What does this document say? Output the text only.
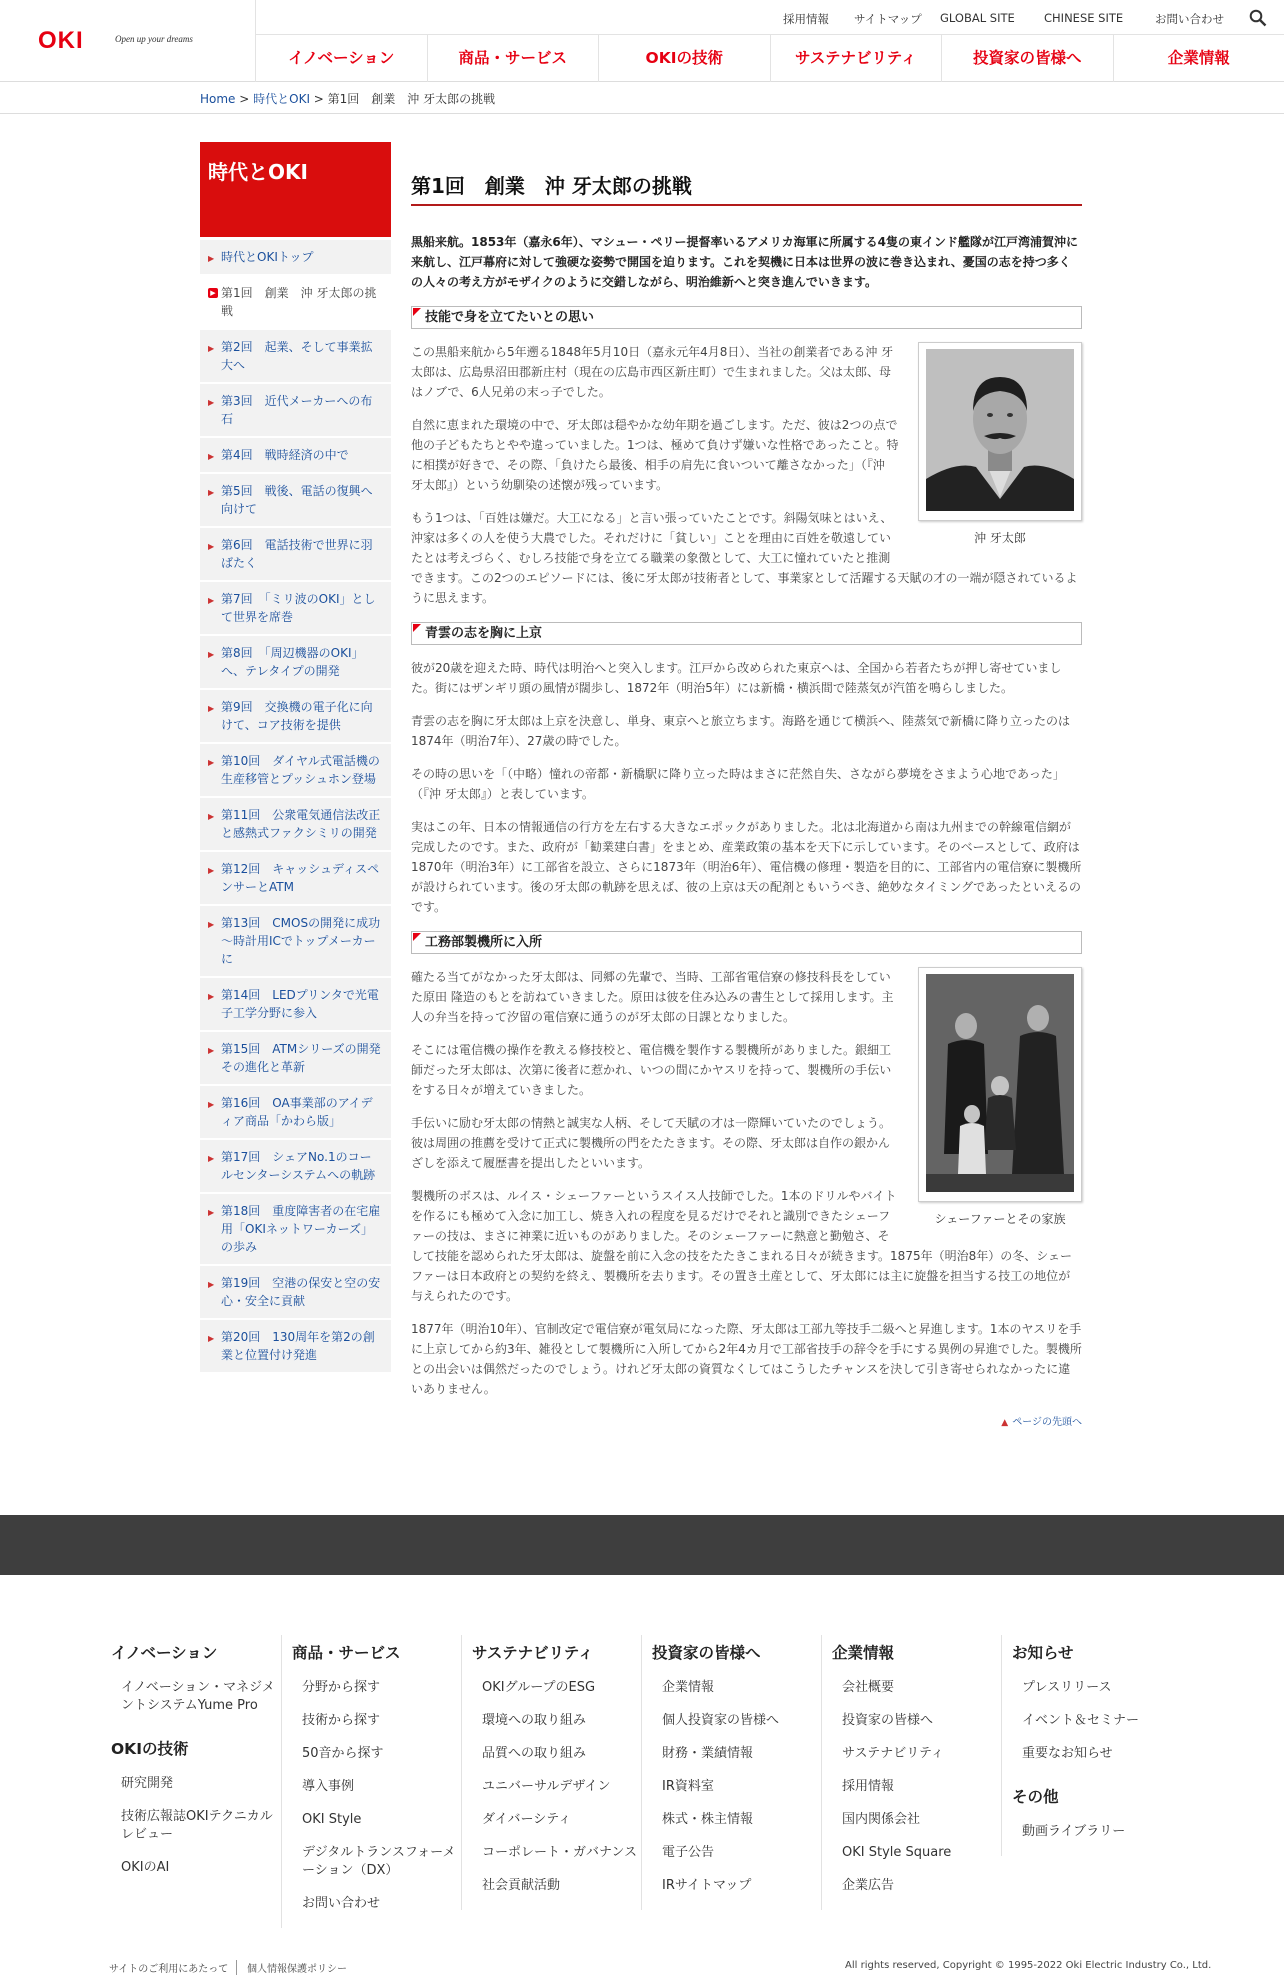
OKI	Open up your dreams
採用情報 サイトマップ GLOBAL SITE	CHINESE SITE	お問い合わせ
イノベーション	商品・サービス	OKIの技術	サステナビリティ	投資家の皆様へ	企業情報
Home > 時代とOKI > 第1回　創業　沖 牙太郎の挑戦
時代とOKI
▶ 時代とOKIトップ
▶ 第1回　創業　沖 牙太郎の挑戦
▶ 第2回　起業、そして事業拡大へ
▶ 第3回　近代メーカーへの布石
▶ 第4回　戦時経済の中で
▶ 第5回　戦後、電話の復興へ向けて
▶ 第6回　電話技術で世界に羽ばたく
▶ 第7回　「ミリ波のOKI」として世界を席巻
▶ 第8回　「周辺機器のOKI」へ、テレタイプの開発
▶ 第9回　交換機の電子化に向けて、コア技術を提供
▶ 第10回　ダイヤル式電話機の生産移管とプッシュホン登場
▶ 第11回　公衆電気通信法改正と感熱式ファクシミリの開発
▶ 第12回　キャッシュディスペンサーとATM
▶ 第13回　CMOSの開発に成功～時計用ICでトップメーカーに
▶ 第14回　LEDプリンタで光電子工学分野に参入
▶ 第15回　ATMシリーズの開発その進化と革新
▶ 第16回　OA事業部のアイディア商品「かわら版」
▶ 第17回　シェアNo.1のコールセンターシステムへの軌跡
▶ 第18回　重度障害者の在宅雇用「OKIネットワーカーズ」の歩み
▶ 第19回　空港の保安と空の安心・安全に貢献
▶ 第20回　130周年を第2の創業と位置付け発進
第1回　創業　沖 牙太郎の挑戦

黒船来航。1853年（嘉永6年）、マシュー・ペリー提督率いるアメリカ海軍に所属する4隻の東インド艦隊が江戸湾浦賀沖に来航し、江戸幕府に対して強硬な姿勢で開国を迫ります。これを契機に日本は世界の波に巻き込まれ、憂国の志を持つ多くの人々の考え方がモザイクのように交錯しながら、明治維新へと突き進んでいきます。

技能で身を立てたいとの思い
沖 牙太郎

この黒船来航から5年遡る1848年5月10日（嘉永元年4月8日）、当社の創業者である沖 牙太郎は、広島県沼田郡新庄村（現在の広島市西区新庄町）で生まれました。父は太郎、母はノブで、6人兄弟の末っ子でした。

自然に恵まれた環境の中で、牙太郎は穏やかな幼年期を過ごします。ただ、彼は2つの点で他の子どもたちとやや違っていました。1つは、極めて負けず嫌いな性格であったこと。特に相撲が好きで、その際、「負けたら最後、相手の肩先に食いついて離さなかった」（『沖 牙太郎』）という幼馴染の述懐が残っています。

もう1つは、「百姓は嫌だ。大工になる」と言い張っていたことです。斜陽気味とはいえ、沖家は多くの人を使う大農でした。それだけに「貧しい」ことを理由に百姓を敬遠していたとは考えづらく、むしろ技能で身を立てる職業の象徴として、大工に憧れていたと推測できます。この2つのエピソードには、後に牙太郎が技術者として、事業家として活躍する天賦の才の一端が隠されているように思えます。

青雲の志を胸に上京

彼が20歳を迎えた時、時代は明治へと突入します。江戸から改められた東京へは、全国から若者たちが押し寄せていました。街にはザンギリ頭の風情が闊歩し、1872年（明治5年）には新橋・横浜間で陸蒸気が汽笛を鳴らしました。

青雲の志を胸に牙太郎は上京を決意し、単身、東京へと旅立ちます。海路を通じて横浜へ、陸蒸気で新橋に降り立ったのは1874年（明治7年）、27歳の時でした。

その時の思いを「（中略）憧れの帝都・新橋駅に降り立った時はまさに茫然自失、さながら夢境をさまよう心地であった」（『沖 牙太郎』）と表しています。

実はこの年、日本の情報通信の行方を左右する大きなエポックがありました。北は北海道から南は九州までの幹線電信網が完成したのです。また、政府が「勧業建白書」をまとめ、産業政策の基本を天下に示しています。そのベースとして、政府は1870年（明治3年）に工部省を設立、さらに1873年（明治6年）、電信機の修理・製造を目的に、工部省内の電信寮に製機所が設けられています。後の牙太郎の軌跡を思えば、彼の上京は天の配剤ともいうべき、絶妙なタイミングであったといえるのです。

工務部製機所に入所
シェーファーとその家族

確たる当てがなかった牙太郎は、同郷の先輩で、当時、工部省電信寮の修技科長をしていた原田 隆造のもとを訪ねていきました。原田は彼を住み込みの書生として採用します。主人の弁当を持って汐留の電信寮に通うのが牙太郎の日課となりました。

そこには電信機の操作を教える修技校と、電信機を製作する製機所がありました。銀細工師だった牙太郎は、次第に後者に惹かれ、いつの間にかヤスリを持って、製機所の手伝いをする日々が増えていきました。

手伝いに励む牙太郎の情熱と誠実な人柄、そして天賦の才は一際輝いていたのでしょう。彼は周囲の推薦を受けて正式に製機所の門をたたきます。その際、牙太郎は自作の銀かんざしを添えて履歴書を提出したといいます。

製機所のボスは、ルイス・シェーファーというスイス人技師でした。1本のドリルやバイトを作るにも極めて入念に加工し、焼き入れの程度を見るだけでそれと識別できたシェーファーの技は、まさに神業に近いものがありました。そのシェーファーに熱意と勤勉さ、そして技能を認められた牙太郎は、旋盤を前に入念の技をたたきこまれる日々が続きます。1875年（明治8年）の冬、シェーファーは日本政府との契約を終え、製機所を去ります。その置き土産として、牙太郎には主に旋盤を担当する技工の地位が与えられたのです。

1877年（明治10年）、官制改定で電信寮が電気局になった際、牙太郎は工部九等技手二級へと昇進します。1本のヤスリを手に上京してから約3年、雑役として製機所に入所してから2年4カ月で工部省技手の辞令を手にする異例の昇進でした。製機所との出会いは偶然だったのでしょう。けれど牙太郎の資質なくしてはこうしたチャンスを決して引き寄せられなかったに違いありません。

▲ ページの先頭へ
イノベーション
イノベーション・マネジメントシステムYume Pro
OKIの技術
研究開発
技術広報誌OKIテクニカルレビュー
OKIのAI
商品・サービス
分野から探す
技術から探す
50音から探す
導入事例
OKI Style
デジタルトランスフォーメーション（DX）
お問い合わせ
サステナビリティ
OKIグループのESG
環境への取り組み
品質への取り組み
ユニバーサルデザイン
ダイバーシティ
コーポレート・ガバナンス
社会貢献活動
投資家の皆様へ
企業情報
個人投資家の皆様へ
財務・業績情報
IR資料室
株式・株主情報
電子公告
IRサイトマップ
企業情報
会社概要
投資家の皆様へ
サステナビリティ
採用情報
国内関係会社
OKI Style Square
企業広告
お知らせ
プレスリリース
イベント＆セミナー
重要なお知らせ
その他
動画ライブラリー
サイトのご利用にあたって	個人情報保護ポリシー	All rights reserved, Copyright © 1995-2022 Oki Electric Industry Co., Ltd.
